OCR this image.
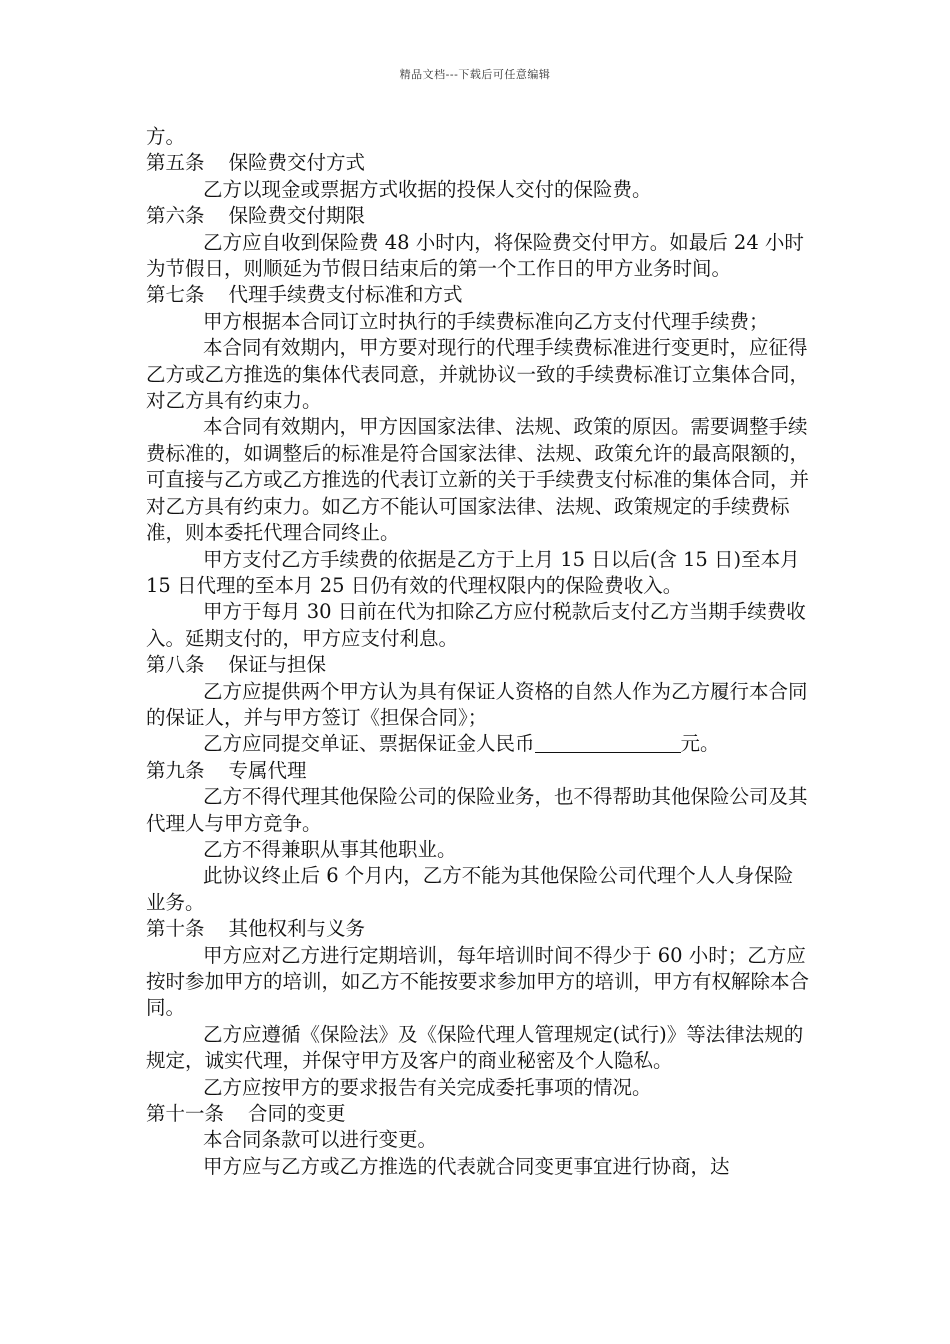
精品文档---下载后可任意编辑

方。

第五条 保险费交付方式

乙方以现金或票据方式收据的投保人交付的保险费。

第六条 保险费交付期限

乙方应自收到保险费 48 小时内，将保险费交付甲方。如最后 24 小时为节假日，则顺延为节假日结束后的第一个工作日的甲方业务时间。

第七条 代理手续费支付标准和方式

甲方根据本合同订立时执行的手续费标准向乙方支付代理手续费；

本合同有效期内，甲方要对现行的代理手续费标准进行变更时，应征得乙方或乙方推选的集体代表同意，并就协议一致的手续费标准订立集体合同，对乙方具有约束力。

本合同有效期内，甲方因国家法律、法规、政策的原因。需要调整手续费标准的，如调整后的标准是符合国家法律、法规、政策允许的最高限额的，可直接与乙方或乙方推选的代表订立新的关于手续费支付标准的集体合同，并对乙方具有约束力。如乙方不能认可国家法律、法规、政策规定的手续费标准，则本委托代理合同终止。

甲方支付乙方手续费的依据是乙方于上月 15 日以后(含 15 日)至本月 15 日代理的至本月 25 日仍有效的代理权限内的保险费收入。

甲方于每月 30 日前在代为扣除乙方应付税款后支付乙方当期手续费收入。延期支付的，甲方应支付利息。

第八条 保证与担保

乙方应提供两个甲方认为具有保证人资格的自然人作为乙方履行本合同的保证人，并与甲方签订《担保合同》；

乙方应同提交单证、票据保证金人民币	元。

第九条 专属代理

乙方不得代理其他保险公司的保险业务，也不得帮助其他保险公司及其代理人与甲方竞争。

乙方不得兼职从事其他职业。

此协议终止后 6 个月内，乙方不能为其他保险公司代理个人人身保险业务。

第十条 其他权利与义务

甲方应对乙方进行定期培训，每年培训时间不得少于 60 小时；乙方应按时参加甲方的培训，如乙方不能按要求参加甲方的培训，甲方有权解除本合同。

乙方应遵循《保险法》及《保险代理人管理规定(试行)》等法律法规的规定，诚实代理，并保守甲方及客户的商业秘密及个人隐私。

乙方应按甲方的要求报告有关完成委托事项的情况。

第十一条 合同的变更

本合同条款可以进行变更。

甲方应与乙方或乙方推选的代表就合同变更事宜进行协商，达
